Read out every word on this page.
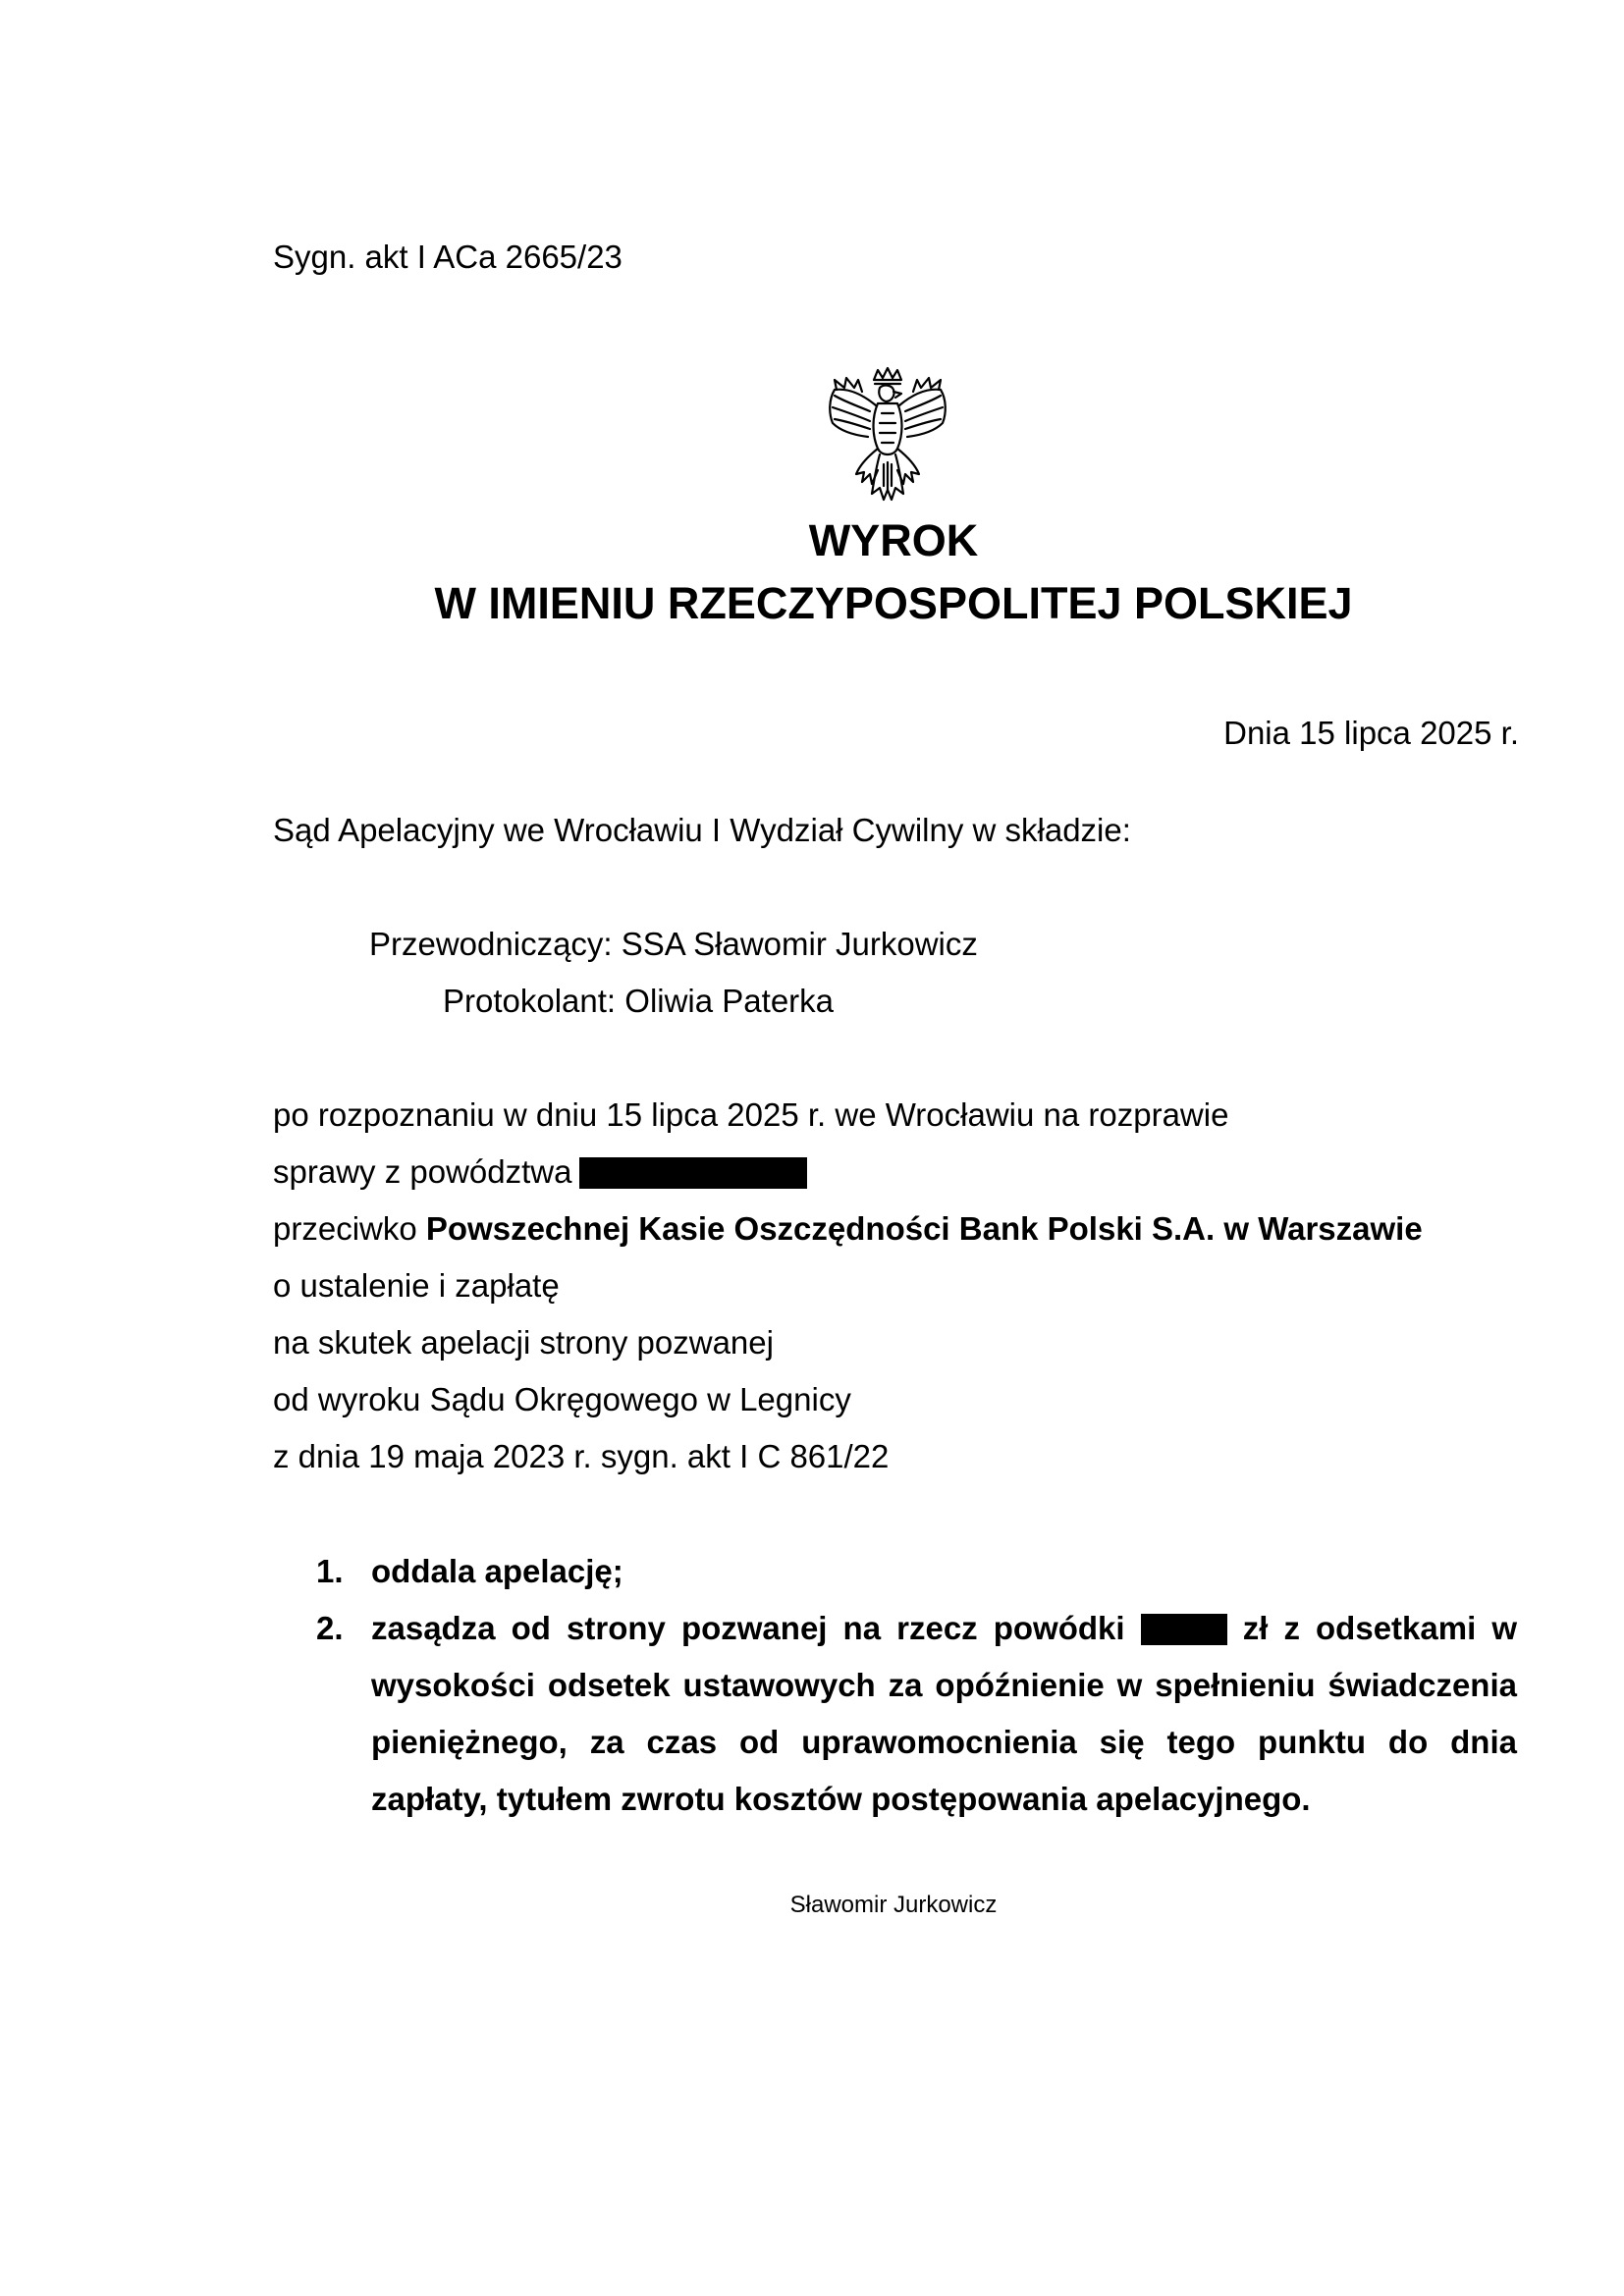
Sygn. akt I ACa 2665/23
WYROK
W IMIENIU RZECZYPOSPOLITEJ POLSKIEJ
Dnia 15 lipca 2025 r.
Sąd Apelacyjny we Wrocławiu I Wydział Cywilny w składzie:
Przewodniczący: SSA Sławomir Jurkowicz
Protokolant: Oliwia Paterka
po rozpoznaniu w dniu 15 lipca 2025 r. we Wrocławiu na rozprawie
sprawy z powództwa
przeciwko Powszechnej Kasie Oszczędności Bank Polski S.A. w Warszawie
o ustalenie i zapłatę
na skutek apelacji strony pozwanej
od wyroku Sądu Okręgowego w Legnicy
z dnia 19 maja 2023 r. sygn. akt I C 861/22
1. oddala apelację;
2. zasądza od strony pozwanej na rzecz powódki	zł z odsetkami w wysokości odsetek ustawowych za opóźnienie w spełnieniu świadczenia pieniężnego, za czas od uprawomocnienia się tego punktu do dnia zapłaty, tytułem zwrotu kosztów postępowania apelacyjnego.
Sławomir Jurkowicz
